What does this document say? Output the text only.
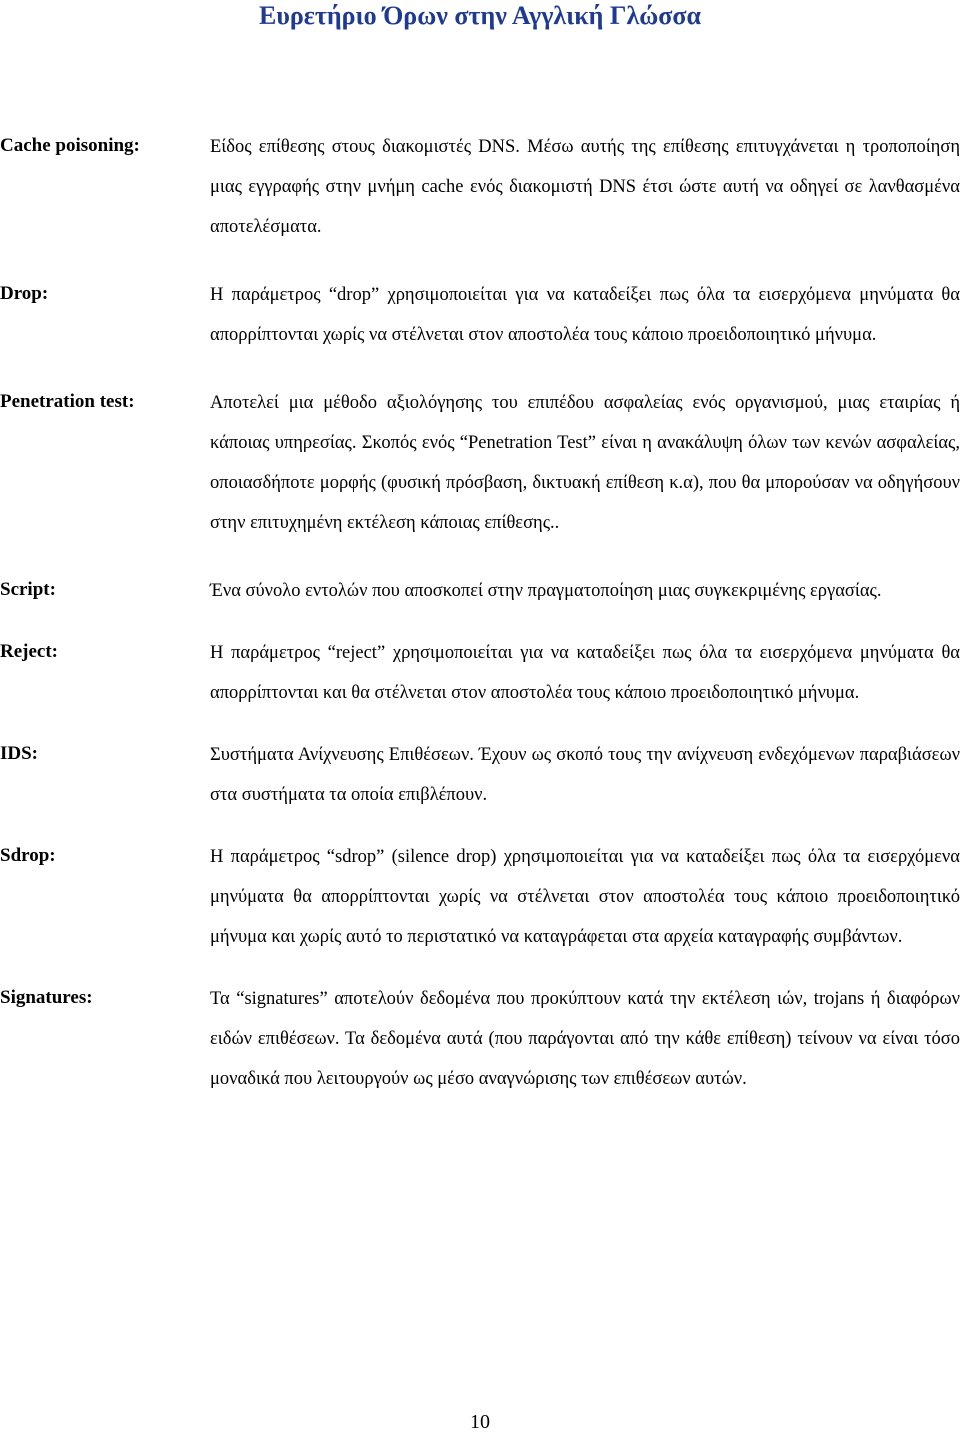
Ευρετήριο Όρων στην Αγγλική Γλώσσα
Cache poisoning:	Είδος επίθεσης στους διακομιστές DNS. Μέσω αυτής της επίθεσης επιτυγχάνεται η τροποποίηση μιας εγγραφής στην μνήμη cache ενός διακομιστή DNS έτσι ώστε αυτή να οδηγεί σε λανθασμένα αποτελέσματα.

Drop:	Η παράμετρος “drop” χρησιμοποιείται για να καταδείξει πως όλα τα εισερχόμενα μηνύματα θα απορρίπτονται χωρίς να στέλνεται στον αποστολέα τους κάποιο προειδοποιητικό μήνυμα.

Penetration test:	Αποτελεί μια μέθοδο αξιολόγησης του επιπέδου ασφαλείας ενός οργανισμού, μιας εταιρίας ή κάποιας υπηρεσίας. Σκοπός ενός “Penetration Test” είναι η ανακάλυψη όλων των κενών ασφαλείας, οποιασδήποτε μορφής (φυσική πρόσβαση, δικτυακή επίθεση κ.α), που θα μπορούσαν να οδηγήσουν στην επιτυχημένη εκτέλεση κάποιας επίθεσης..

Script:	Ένα σύνολο εντολών που αποσκοπεί στην πραγματοποίηση μιας συγκεκριμένης εργασίας.

Reject:	Η παράμετρος “reject” χρησιμοποιείται για να καταδείξει πως όλα τα εισερχόμενα μηνύματα θα απορρίπτονται και θα στέλνεται στον αποστολέα τους κάποιο προειδοποιητικό μήνυμα.

IDS:	Συστήματα Ανίχνευσης Επιθέσεων. Έχουν ως σκοπό τους την ανίχνευση ενδεχόμενων παραβιάσεων στα συστήματα τα οποία επιβλέπουν.

Sdrop:	Η παράμετρος “sdrop” (silence drop) χρησιμοποιείται για να καταδείξει πως όλα τα εισερχόμενα μηνύματα θα απορρίπτονται χωρίς να στέλνεται στον αποστολέα τους κάποιο προειδοποιητικό μήνυμα και χωρίς αυτό το περιστατικό να καταγράφεται στα αρχεία καταγραφής συμβάντων.

Signatures:	Τα “signatures” αποτελούν δεδομένα που προκύπτουν κατά την εκτέλεση ιών, trojans ή διαφόρων ειδών επιθέσεων. Τα δεδομένα αυτά (που παράγονται από την κάθε επίθεση) τείνουν να είναι τόσο μοναδικά που λειτουργούν ως μέσο αναγνώρισης των επιθέσεων αυτών.

10
